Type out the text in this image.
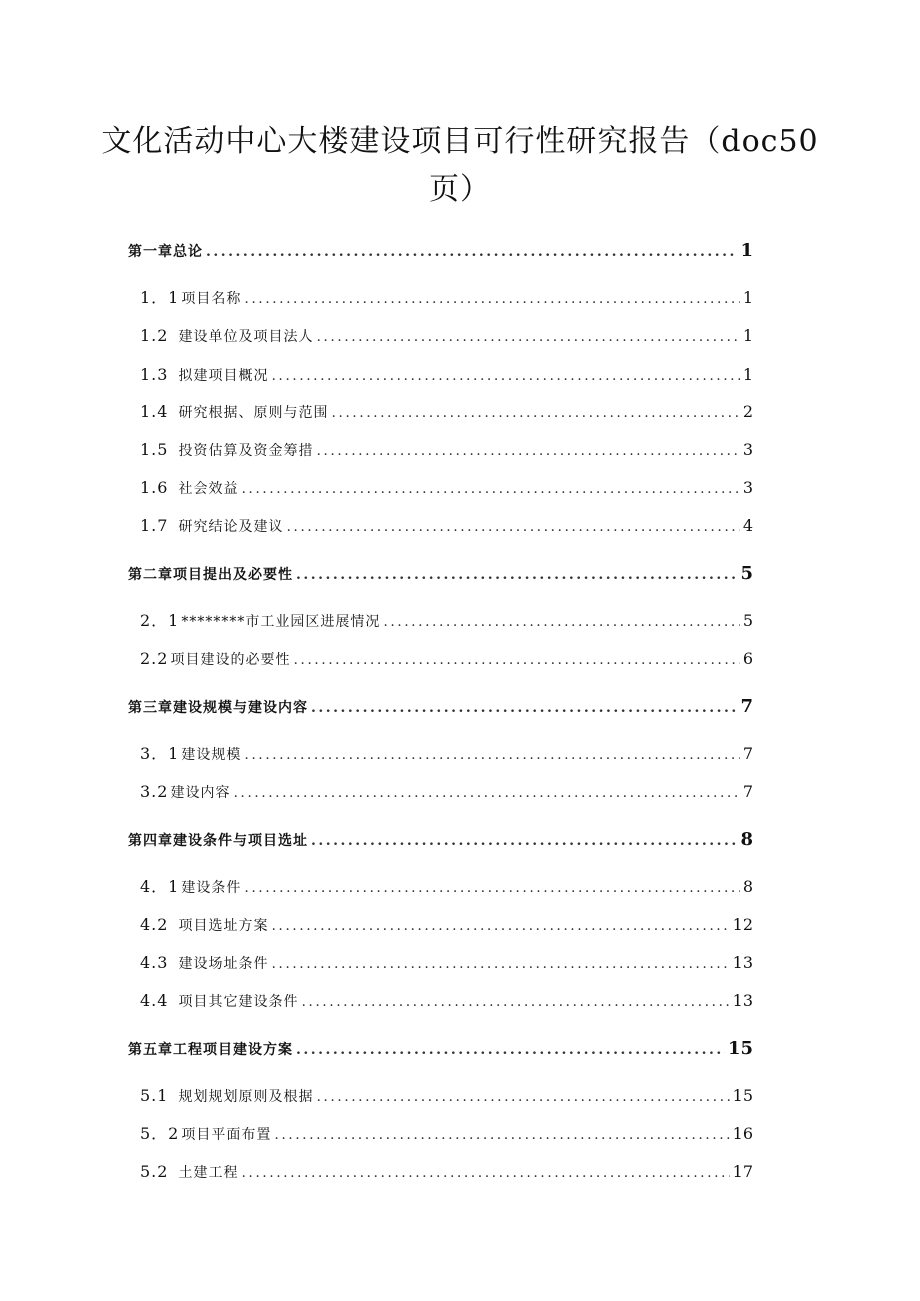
文化活动中心大楼建设项目可行性研究报告（doc50
页）
第一章总论 .....	1
1．1 项目名称 .....	1
1.2 建设单位及项目法人 .....	1
1.3 拟建项目概况 .....	1
1.4 研究根据、原则与范围 .....	2
1.5 投资估算及资金筹措 .....	3
1.6 社会效益 .....	3
1.7 研究结论及建议 .....	4
第二章项目提出及必要性 .....	5
2．1 ********市工业园区进展情况 .....	5
2.2 项目建设的必要性 .....	6
第三章建设规模与建设内容 .....	7
3．1 建设规模 .....	7
3.2 建设内容 .....	7
第四章建设条件与项目选址 .....	8
4．1 建设条件 .....	8
4.2 项目选址方案 .....	12
4.3 建设场址条件 .....	13
4.4 项目其它建设条件 .....	13
第五章工程项目建设方案 .....	15
5.1 规划规划原则及根据 .....	15
5．2 项目平面布置 .....	16
5.2 土建工程 .....	17
